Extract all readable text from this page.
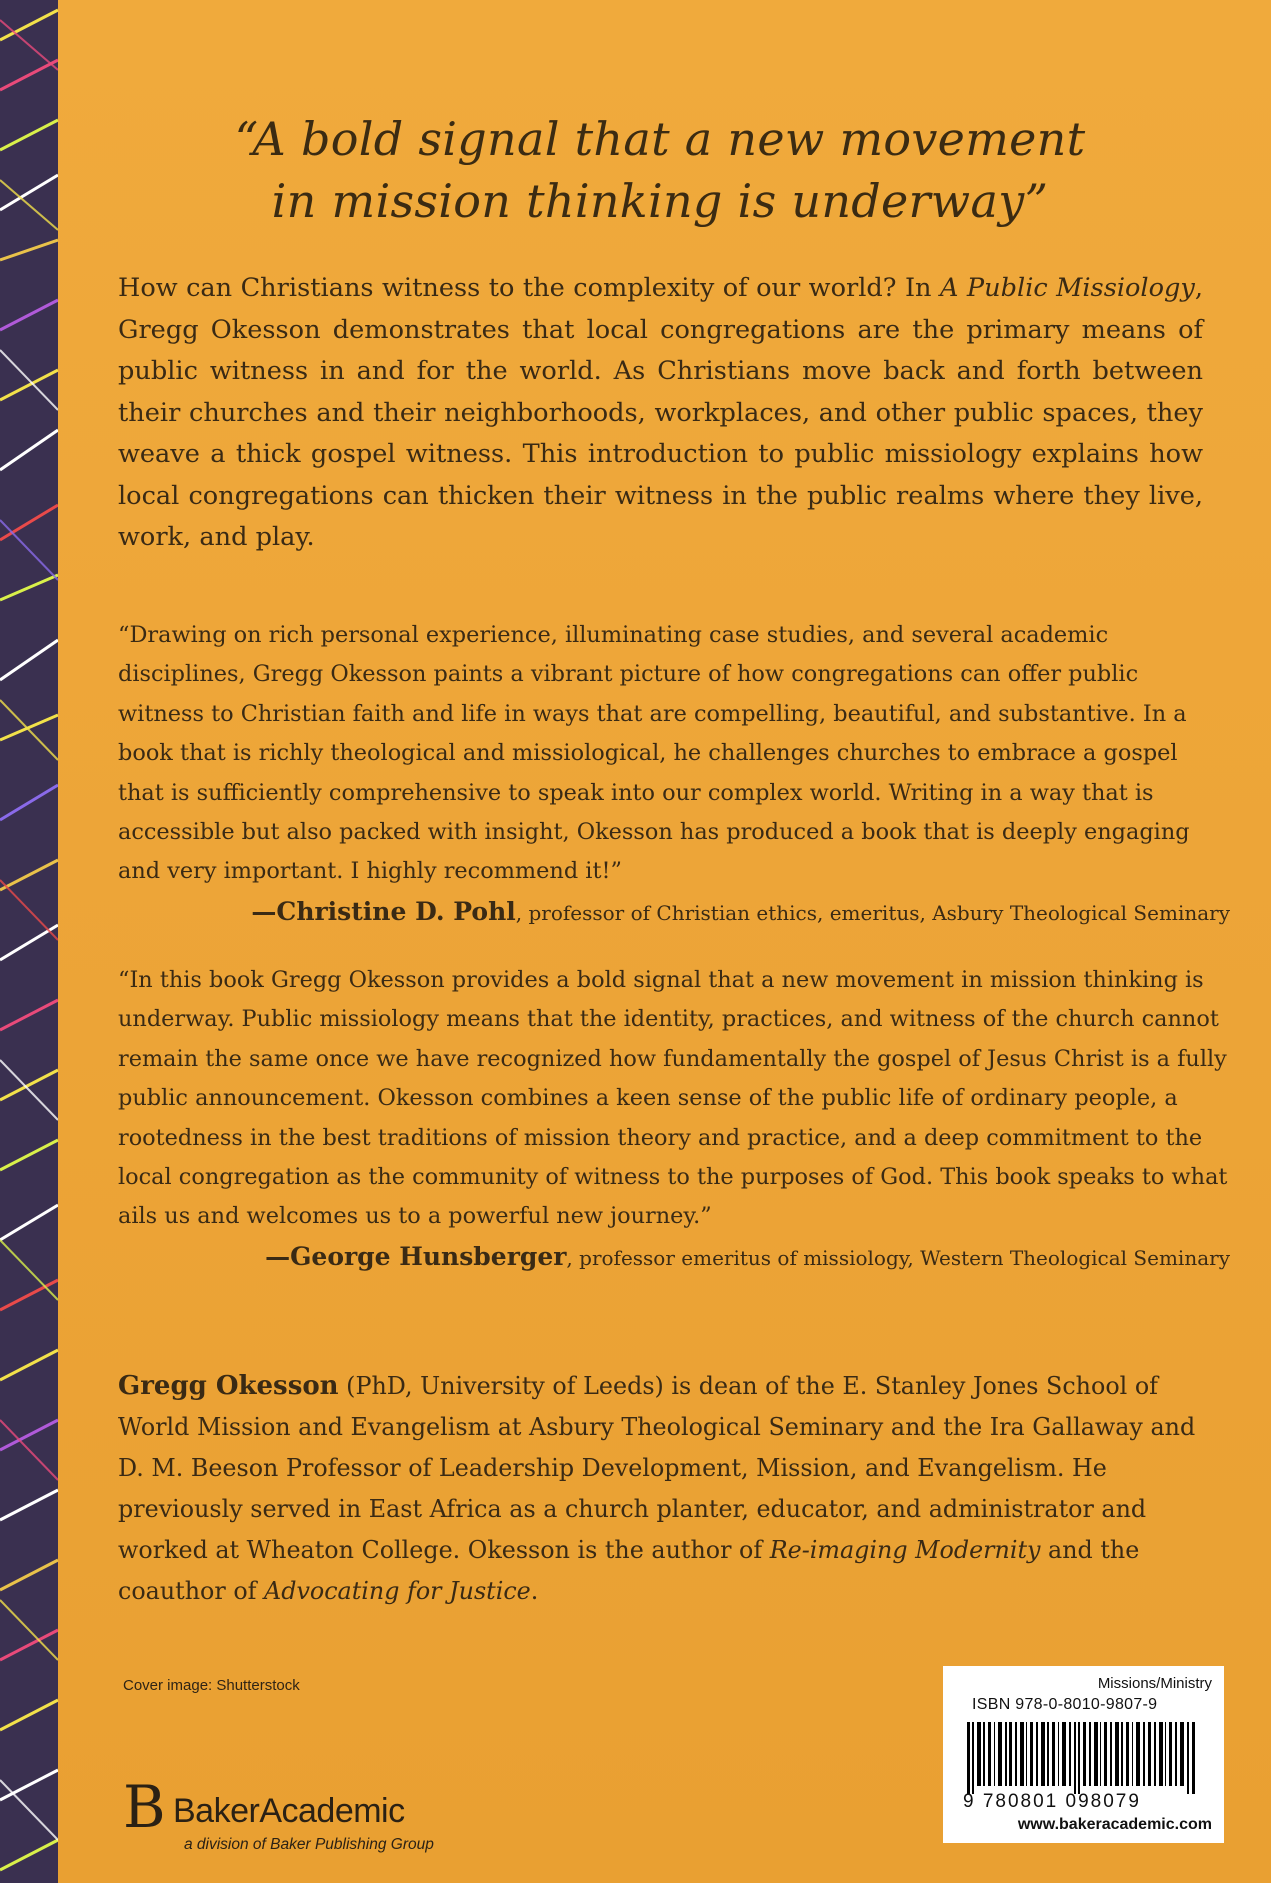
“A bold signal that a new movement
in mission thinking is underway”
How can Christians witness to the complexity of our world? In A Public Missiology, Gregg Okesson demonstrates that local congregations are the primary means of public witness in and for the world. As Christians move back and forth between their churches and their neighborhoods, workplaces, and other public spaces, they weave a thick gospel witness. This introduction to public missiology explains how local congregations can thicken their witness in the public realms where they live, work, and play.
“Drawing on rich personal experience, illuminating case studies, and several academic disciplines, Gregg Okesson paints a vibrant picture of how congregations can offer public witness to Christian faith and life in ways that are compelling, beautiful, and substantive. In a book that is richly theological and missiological, he challenges churches to embrace a gospel that is sufficiently comprehensive to speak into our complex world. Writing in a way that is accessible but also packed with insight, Okesson has produced a book that is deeply engaging and very important. I highly recommend it!”
—Christine D. Pohl, professor of Christian ethics, emeritus, Asbury Theological Seminary
“In this book Gregg Okesson provides a bold signal that a new movement in mission thinking is underway. Public missiology means that the identity, practices, and witness of the church cannot remain the same once we have recognized how fundamentally the gospel of Jesus Christ is a fully public announcement. Okesson combines a keen sense of the public life of ordinary people, a rootedness in the best traditions of mission theory and practice, and a deep commitment to the local congregation as the community of witness to the purposes of God. This book speaks to what ails us and welcomes us to a powerful new journey.”
—George Hunsberger, professor emeritus of missiology, Western Theological Seminary
Gregg Okesson (PhD, University of Leeds) is dean of the E. Stanley Jones School of World Mission and Evangelism at Asbury Theological Seminary and the Ira Gallaway and D. M. Beeson Professor of Leadership Development, Mission, and Evangelism. He previously served in East Africa as a church planter, educator, and administrator and worked at Wheaton College. Okesson is the author of Re-imaging Modernity and the coauthor of Advocating for Justice.
Cover image: Shutterstock
B BakerAcademic
a division of Baker Publishing Group
Missions/Ministry
ISBN 978-0-8010-9807-9
9 780801 098079
www.bakeracademic.com
